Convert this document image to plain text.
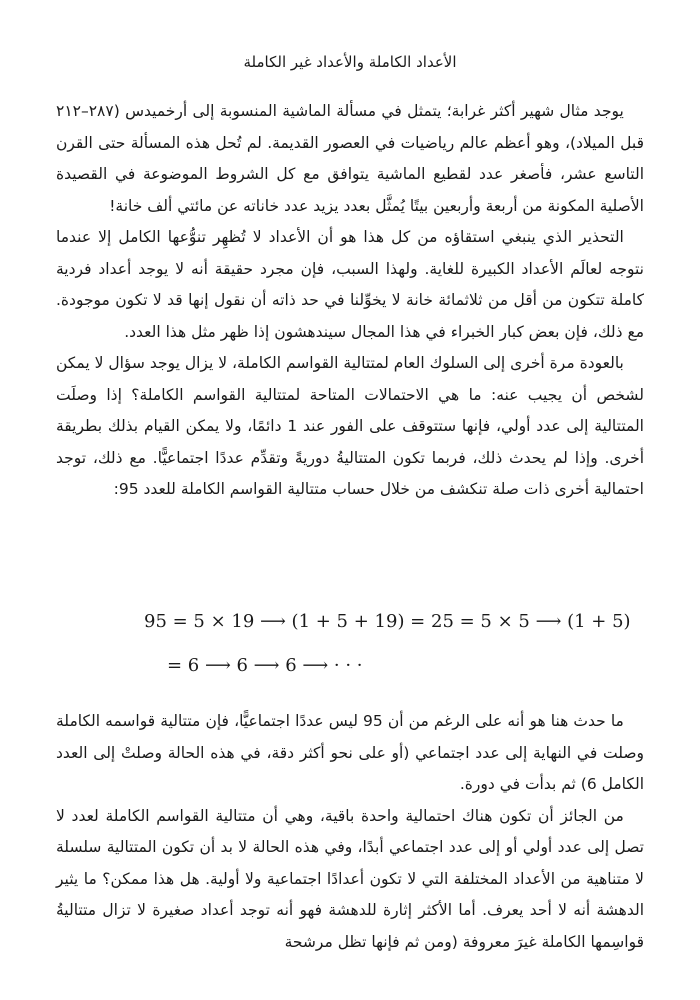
الأعداد الكاملة والأعداد غير الكاملة

يوجد مثال شهير أكثر غرابة؛ يتمثل في مسألة الماشية المنسوبة إلى أرخميدس (٢٨٧–٢١٢ قبل الميلاد)، وهو أعظم عالم رياضيات في العصور القديمة. لم تُحل هذه المسألة حتى القرن التاسع عشر، فأصغر عدد لقطيع الماشية يتوافق مع كل الشروط الموضوعة في القصيدة الأصلية المكونة من أربعة وأربعين بيتًا يُمثَّل بعدد يزيد عدد خاناته عن مائتي ألف خانة!

التحذير الذي ينبغي استقاؤه من كل هذا هو أن الأعداد لا تُظهِر تنوُّعها الكامل إلا عندما نتوجه لعالَم الأعداد الكبيرة للغاية. ولهذا السبب، فإن مجرد حقيقة أنه لا يوجد أعداد فردية كاملة تتكون من أقل من ثلاثمائة خانة لا يخوِّلنا في حد ذاته أن نقول إنها قد لا تكون موجودة. مع ذلك، فإن بعض كبار الخبراء في هذا المجال سيندهشون إذا ظهر مثل هذا العدد.

بالعودة مرة أخرى إلى السلوك العام لمتتالية القواسم الكاملة، لا يزال يوجد سؤال لا يمكن لشخص أن يجيب عنه: ما هي الاحتمالات المتاحة لمتتالية القواسم الكاملة؟ إذا وصلَت المتتالية إلى عدد أولي، فإنها ستتوقف على الفور عند 1 دائمًا، ولا يمكن القيام بذلك بطريقة أخرى. وإذا لم يحدث ذلك، فربما تكون المتتاليةُ دوريةً وتقدِّم عددًا اجتماعيًّا. مع ذلك، توجد احتمالية أخرى ذات صلة تنكشف من خلال حساب متتالية القواسم الكاملة للعدد 95:

95 = 5 × 19 ⟶ (1 + 5 + 19) = 25 = 5 × 5 ⟶ (1 + 5)
= 6 ⟶ 6 ⟶ 6 ⟶ · · ·

ما حدث هنا هو أنه على الرغم من أن 95 ليس عددًا اجتماعيًّا، فإن متتالية قواسمه الكاملة وصلت في النهاية إلى عدد اجتماعي (أو على نحو أكثر دقة، في هذه الحالة وصلتْ إلى العدد الكامل 6) ثم بدأت في دورة.

من الجائز أن تكون هناك احتمالية واحدة باقية، وهي أن متتالية القواسم الكاملة لعدد لا تصل إلى عدد أولي أو إلى عدد اجتماعي أبدًا، وفي هذه الحالة لا بد أن تكون المتتالية سلسلة لا متناهية من الأعداد المختلفة التي لا تكون أعدادًا اجتماعية ولا أولية. هل هذا ممكن؟ ما يثير الدهشة أنه لا أحد يعرف. أما الأكثر إثارة للدهشة فهو أنه توجد أعداد صغيرة لا تزال متتاليةُ قواسِمها الكاملة غيرَ معروفة (ومن ثم فإنها تظل مرشحة
